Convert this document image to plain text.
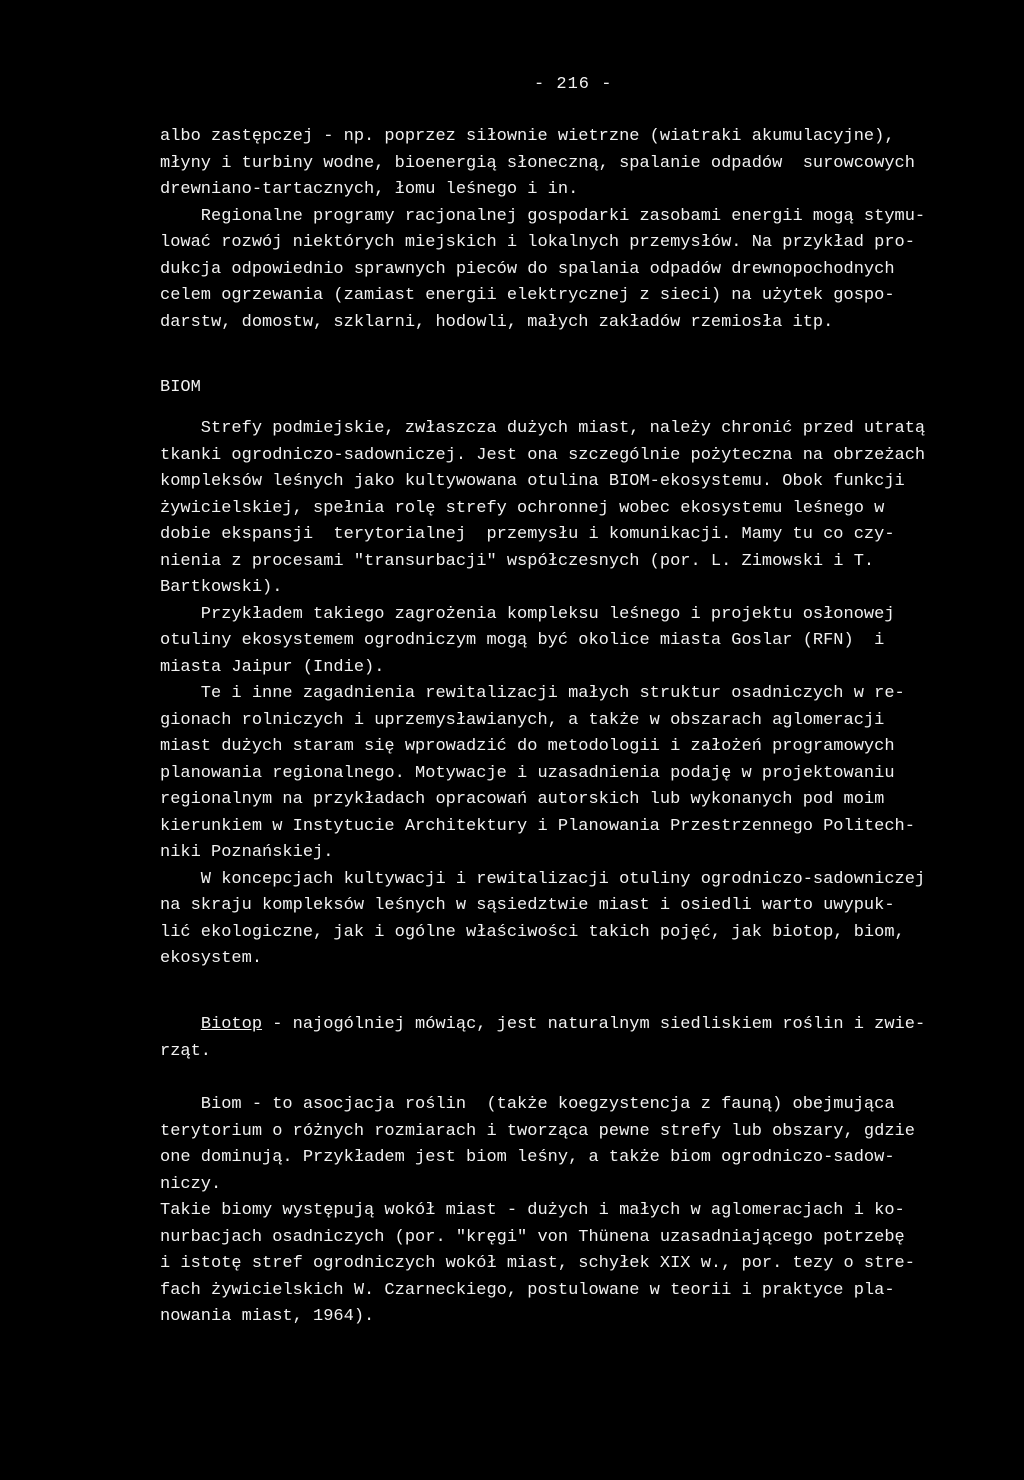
- 216 -

albo zastępczej - np. poprzez siłownie wietrzne (wiatraki akumulacyjne),
młyny i turbiny wodne, bioenergią słoneczną, spalanie odpadów  surowcowych
drewniano-tartacznych, łomu leśnego i in.
Regionalne programy racjonalnej gospodarki zasobami energii mogą stymu-
lować rozwój niektórych miejskich i lokalnych przemysłów. Na przykład pro-
dukcja odpowiednio sprawnych pieców do spalania odpadów drewnopochodnych
celem ogrzewania (zamiast energii elektrycznej z sieci) na użytek gospo-
darstw, domostw, szklarni, hodowli, małych zakładów rzemiosła itp.

BIOM

Strefy podmiejskie, zwłaszcza dużych miast, należy chronić przed utratą
tkanki ogrodniczo-sadowniczej. Jest ona szczególnie pożyteczna na obrzeżach
kompleksów leśnych jako kultywowana otulina BIOM-ekosystemu. Obok funkcji
żywicielskiej, spełnia rolę strefy ochronnej wobec ekosystemu leśnego w
dobie ekspansji  terytorialnej  przemysłu i komunikacji. Mamy tu co czy-
nienia z procesami "transurbacji" współczesnych (por. L. Zimowski i T.
Bartkowski).
Przykładem takiego zagrożenia kompleksu leśnego i projektu osłonowej
otuliny ekosystemem ogrodniczym mogą być okolice miasta Goslar (RFN)  i
miasta Jaipur (Indie).
Te i inne zagadnienia rewitalizacji małych struktur osadniczych w re-
gionach rolniczych i uprzemysławianych, a także w obszarach aglomeracji
miast dużych staram się wprowadzić do metodologii i założeń programowych
planowania regionalnego. Motywacje i uzasadnienia podaję w projektowaniu
regionalnym na przykładach opracowań autorskich lub wykonanych pod moim
kierunkiem w Instytucie Architektury i Planowania Przestrzennego Politech-
niki Poznańskiej.
W koncepcjach kultywacji i rewitalizacji otuliny ogrodniczo-sadowniczej
na skraju kompleksów leśnych w sąsiedztwie miast i osiedli warto uwypuk-
lić ekologiczne, jak i ogólne właściwości takich pojęć, jak biotop, biom,
ekosystem.

Biotop - najogólniej mówiąc, jest naturalnym siedliskiem roślin i zwie-
rząt.

Biom - to asocjacja roślin  (także koegzystencja z fauną) obejmująca
terytorium o różnych rozmiarach i tworząca pewne strefy lub obszary, gdzie
one dominują. Przykładem jest biom leśny, a także biom ogrodniczo-sadow-
niczy.
Takie biomy występują wokół miast - dużych i małych w aglomeracjach i ko-
nurbacjach osadniczych (por. "kręgi" von Thünena uzasadniającego potrzebę
i istotę stref ogrodniczych wokół miast, schyłek XIX w., por. tezy o stre-
fach żywicielskich W. Czarneckiego, postulowane w teorii i praktyce pla-
nowania miast, 1964).
